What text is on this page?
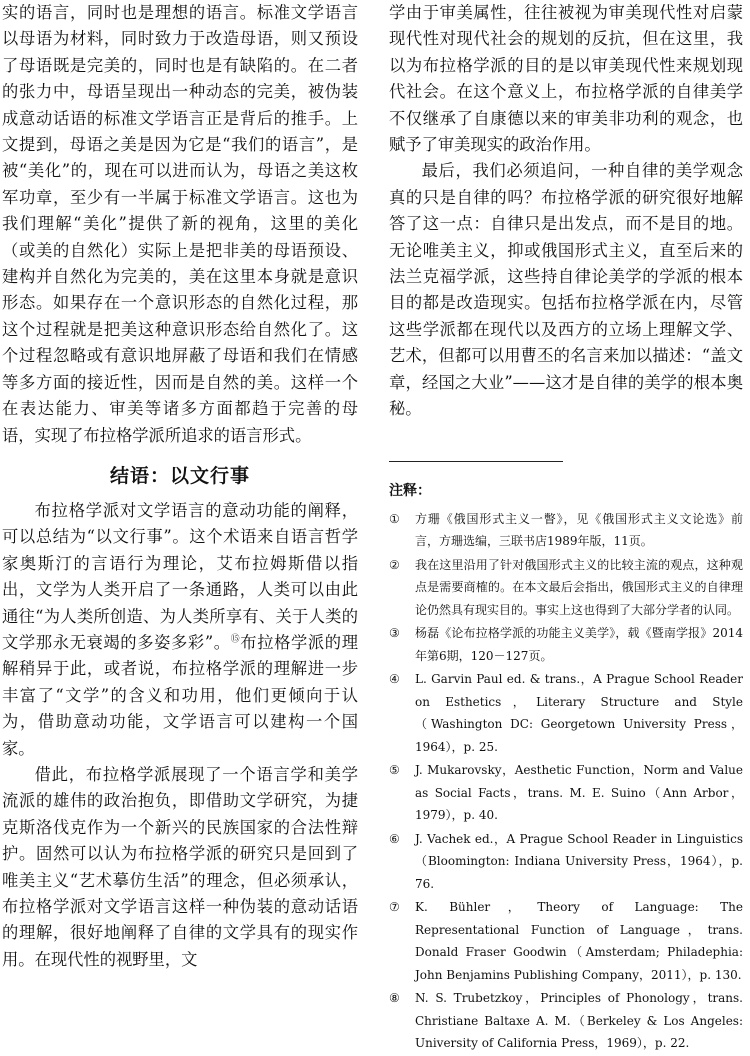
实的语言，同时也是理想的语言。标准文学语言以母语为材料，同时致力于改造母语，则又预设了母语既是完美的，同时也是有缺陷的。在二者的张力中，母语呈现出一种动态的完美，被伪装成意动话语的标准文学语言正是背后的推手。上文提到，母语之美是因为它是“我们的语言”，是被“美化”的，现在可以进而认为，母语之美这枚军功章，至少有一半属于标准文学语言。这也为我们理解“美化”提供了新的视角，这里的美化（或美的自然化）实际上是把非美的母语预设、建构并自然化为完美的，美在这里本身就是意识形态。如果存在一个意识形态的自然化过程，那这个过程就是把美这种意识形态给自然化了。这个过程忽略或有意识地屏蔽了母语和我们在情感等多方面的接近性，因而是自然的美。这样一个在表达能力、审美等诸多方面都趋于完善的母语，实现了布拉格学派所追求的语言形式。

结语：以文行事

布拉格学派对文学语言的意动功能的阐释，可以总结为“以文行事”。这个术语来自语言哲学家奥斯汀的言语行为理论，艾布拉姆斯借以指出，文学为人类开启了一条通路，人类可以由此通往“为人类所创造、为人类所享有、关于人类的文学那永无衰竭的多姿多彩”。⑮布拉格学派的理解稍异于此，或者说，布拉格学派的理解进一步丰富了“文学”的含义和功用，他们更倾向于认为，借助意动功能，文学语言可以建构一个国家。

借此，布拉格学派展现了一个语言学和美学流派的雄伟的政治抱负，即借助文学研究，为捷克斯洛伐克作为一个新兴的民族国家的合法性辩护。固然可以认为布拉格学派的研究只是回到了唯美主义“艺术摹仿生活”的理念，但必须承认，布拉格学派对文学语言这样一种伪装的意动话语的理解，很好地阐释了自律的文学具有的现实作用。在现代性的视野里，文

学由于审美属性，往往被视为审美现代性对启蒙现代性对现代社会的规划的反抗，但在这里，我以为布拉格学派的目的是以审美现代性来规划现代社会。在这个意义上，布拉格学派的自律美学不仅继承了自康德以来的审美非功利的观念，也赋予了审美现实的政治作用。

最后，我们必须追问，一种自律的美学观念真的只是自律的吗？布拉格学派的研究很好地解答了这一点：自律只是出发点，而不是目的地。无论唯美主义，抑或俄国形式主义，直至后来的法兰克福学派，这些持自律论美学的学派的根本目的都是改造现实。包括布拉格学派在内，尽管这些学派都在现代以及西方的立场上理解文学、艺术，但都可以用曹丕的名言来加以描述：“盖文章，经国之大业”——这才是自律的美学的根本奥秘。

注释：
①	方珊《俄国形式主义一瞥》，见《俄国形式主义文论选》前言，方珊选编，三联书店1989年版，11页。
②	我在这里沿用了针对俄国形式主义的比较主流的观点，这种观点是需要商榷的。在本文最后会指出，俄国形式主义的自律理论仍然具有现实目的。事实上这也得到了大部分学者的认同。
③	杨磊《论布拉格学派的功能主义美学》，载《暨南学报》2014年第6期，120－127页。
④	L. Garvin Paul ed. & trans.，A Prague School Reader on Esthetics，Literary Structure and Style（Washington DC: Georgetown University Press，1964），p. 25.
⑤	J. Mukarovsky，Aesthetic Function，Norm and Value as Social Facts，trans. M. E. Suino（Ann Arbor，1979），p. 40.
⑥	J. Vachek ed.，A Prague School Reader in Linguistics（Bloomington: Indiana University Press，1964），p. 76.
⑦	K. Bühler，Theory of Language: The Representational Function of Language，trans. Donald Fraser Goodwin（Amsterdam; Philadephia: John Benjamins Publishing Company，2011），p. 130.
⑧	N. S. Trubetzkoy，Principles of Phonology，trans. Christiane Baltaxe A. M.（Berkeley & Los Angeles: University of California Press，1969），p. 22.
